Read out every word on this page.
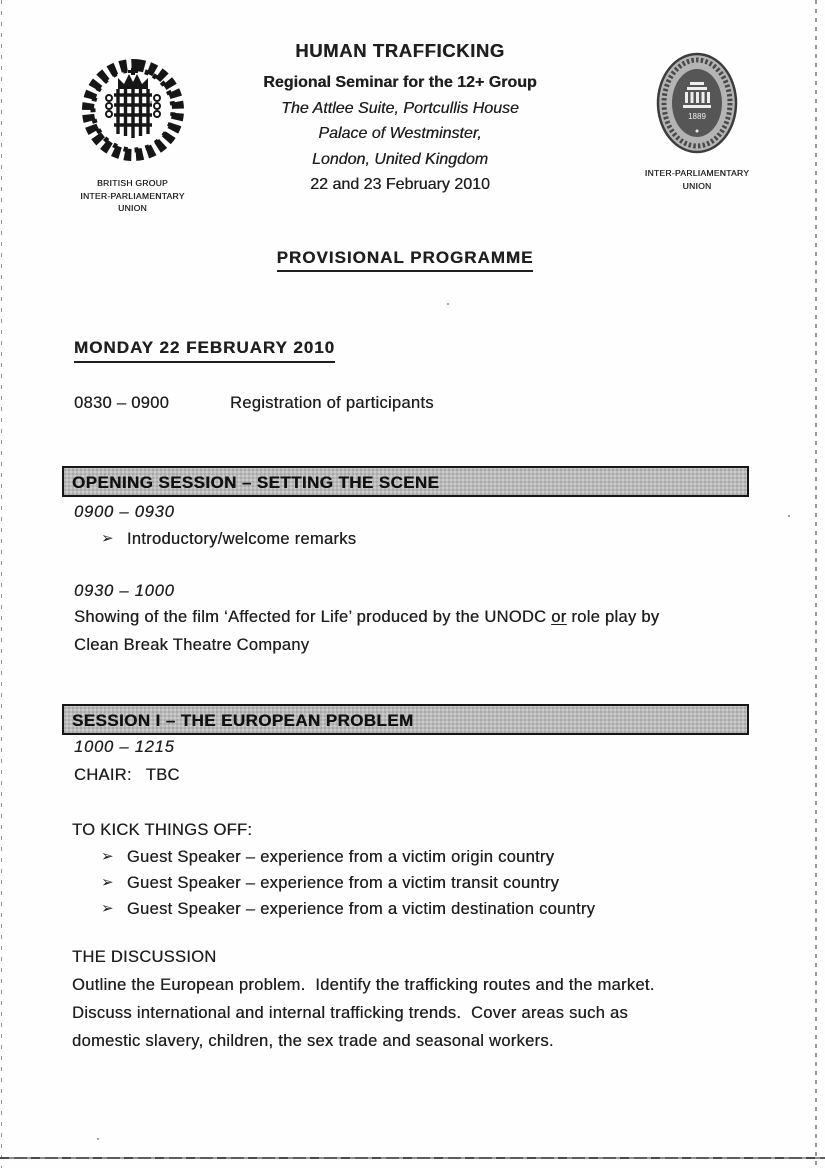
BRITISH GROUP
INTER-PARLIAMENTARY
UNION
HUMAN TRAFFICKING
Regional Seminar for the 12+ Group
The Attlee Suite, Portcullis House
Palace of Westminster,
London, United Kingdom
22 and 23 February 2010
1889
INTER-PARLIAMENTARY
UNION
PROVISIONAL PROGRAMME
MONDAY 22 FEBRUARY 2010
0830 – 0900	Registration of participants
OPENING SESSION – SETTING THE SCENE
0900 – 0930
➢ Introductory/welcome remarks
0930 – 1000
Showing of the film ‘Affected for Life’ produced by the UNODC or role play by
Clean Break Theatre Company
SESSION I – THE EUROPEAN PROBLEM
1000 – 1215
CHAIR: TBC
TO KICK THINGS OFF:
➢ Guest Speaker – experience from a victim origin country
➢ Guest Speaker – experience from a victim transit country
➢ Guest Speaker – experience from a victim destination country
THE DISCUSSION
Outline the European problem.  Identify the trafficking routes and the market.
Discuss international and internal trafficking trends.  Cover areas such as
domestic slavery, children, the sex trade and seasonal workers.
